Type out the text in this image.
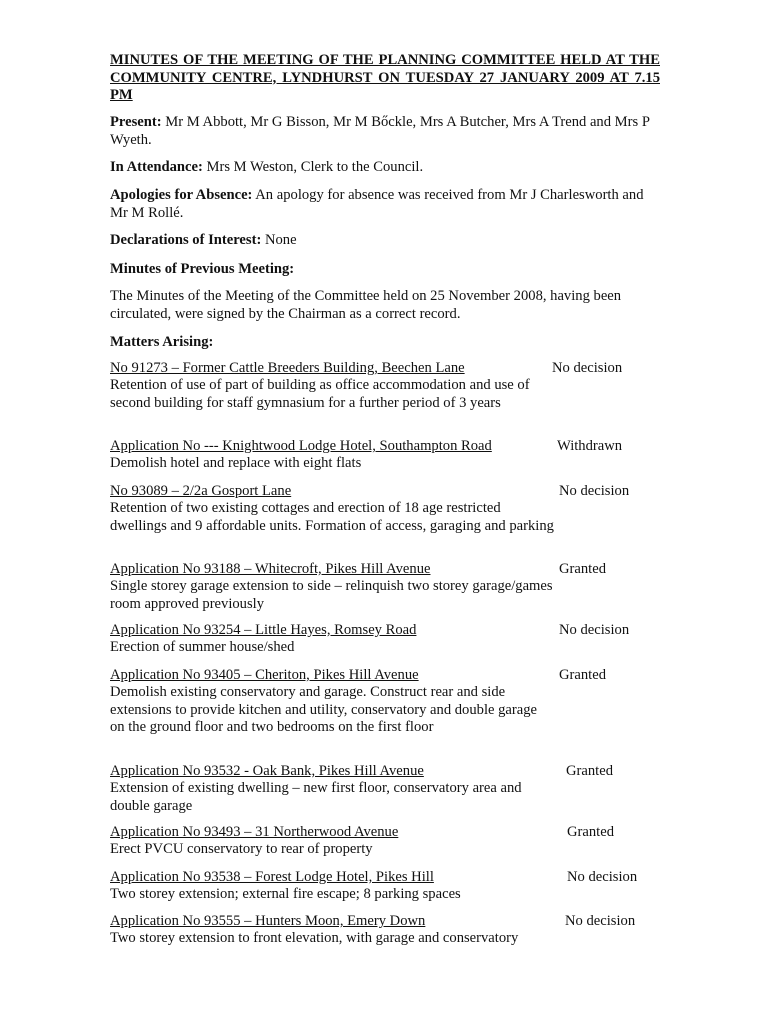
MINUTES OF THE MEETING OF THE PLANNING COMMITTEE HELD AT THE COMMUNITY CENTRE, LYNDHURST ON TUESDAY 27 JANUARY 2009 AT 7.15 PM
Present: Mr M Abbott, Mr G Bisson, Mr M Bőckle, Mrs A Butcher, Mrs A Trend and Mrs P Wyeth.
In Attendance: Mrs M Weston, Clerk to the Council.
Apologies for Absence: An apology for absence was received from Mr J Charlesworth and Mr M Rollé.
Declarations of Interest: None
Minutes of Previous Meeting:
The Minutes of the Meeting of the Committee held on 25 November 2008, having been circulated, were signed by the Chairman as a correct record.
Matters Arising:
No 91273 – Former Cattle Breeders Building, Beechen Lane
Retention of use of part of building as office accommodation and use of second building for staff gymnasium for a further period of 3 years
No decision
Application No --- Knightwood Lodge Hotel, Southampton Road
Demolish hotel and replace with eight flats
Withdrawn
No 93089 – 2/2a Gosport Lane
Retention of two existing cottages and erection of 18 age restricted dwellings and 9 affordable units. Formation of access, garaging and parking
No decision
Application No 93188 – Whitecroft, Pikes Hill Avenue
Single storey garage extension to side – relinquish two storey garage/games room approved previously
Granted
Application No 93254 – Little Hayes, Romsey Road
Erection of summer house/shed
No decision
Application No 93405 – Cheriton, Pikes Hill Avenue
Demolish existing conservatory and garage. Construct rear and side extensions to provide kitchen and utility, conservatory and double garage on the ground floor and two bedrooms on the first floor
Granted
Application No 93532 - Oak Bank, Pikes Hill Avenue
Extension of existing dwelling – new first floor, conservatory area and double garage
Granted
Application No 93493 – 31 Northerwood Avenue
Erect PVCU conservatory to rear of property
Granted
Application No 93538 – Forest Lodge Hotel, Pikes Hill
Two storey extension; external fire escape; 8 parking spaces
No decision
Application No 93555 – Hunters Moon, Emery Down
Two storey extension to front elevation, with garage and conservatory
No decision
